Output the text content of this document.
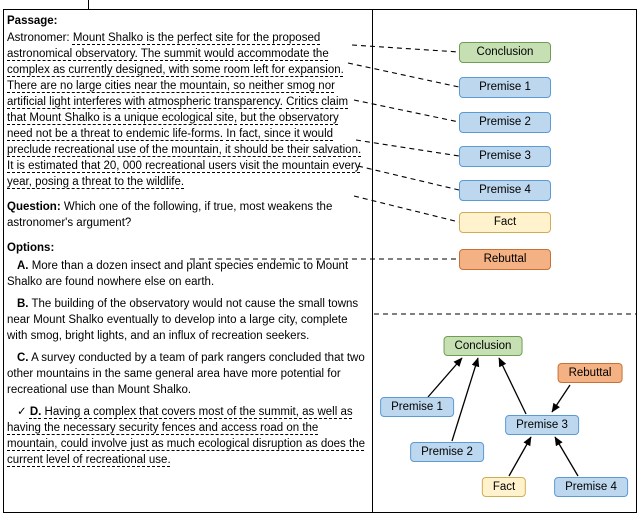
Passage:

Astronomer: Mount Shalko is the perfect site for the proposed astronomical observatory. The summit would accommodate the complex as currently designed, with some room left for expansion. There are no large cities near the mountain, so neither smog nor artificial light interferes with atmospheric transparency. Critics claim that Mount Shalko is a unique ecological site, but the observatory need not be a threat to endemic life-forms. In fact, since it would preclude recreational use of the mountain, it should be their salvation. It is estimated that 20, 000 recreational users visit the mountain every year, posing a threat to the wildlife.

Question: Which one of the following, if true, most weakens the astronomer's argument?

Options:

A. More than a dozen insect and plant species endemic to Mount Shalko are found nowhere else on earth.

B. The building of the observatory would not cause the small towns near Mount Shalko eventually to develop into a large city, complete with smog, bright lights, and an influx of recreation seekers.

C. A survey conducted by a team of park rangers concluded that two other mountains in the same general area have more potential for recreational use than Mount Shalko.

✓ D. Having a complex that covers most of the summit, as well as having the necessary security fences and access road on the mountain, could involve just as much ecological disruption as does the current level of recreational use.

Conclusion
Premise 1
Premise 2
Premise 3
Premise 4
Fact
Rebuttal
Conclusion
Rebuttal
Premise 1
Premise 3
Premise 2
Fact	Premise 4
